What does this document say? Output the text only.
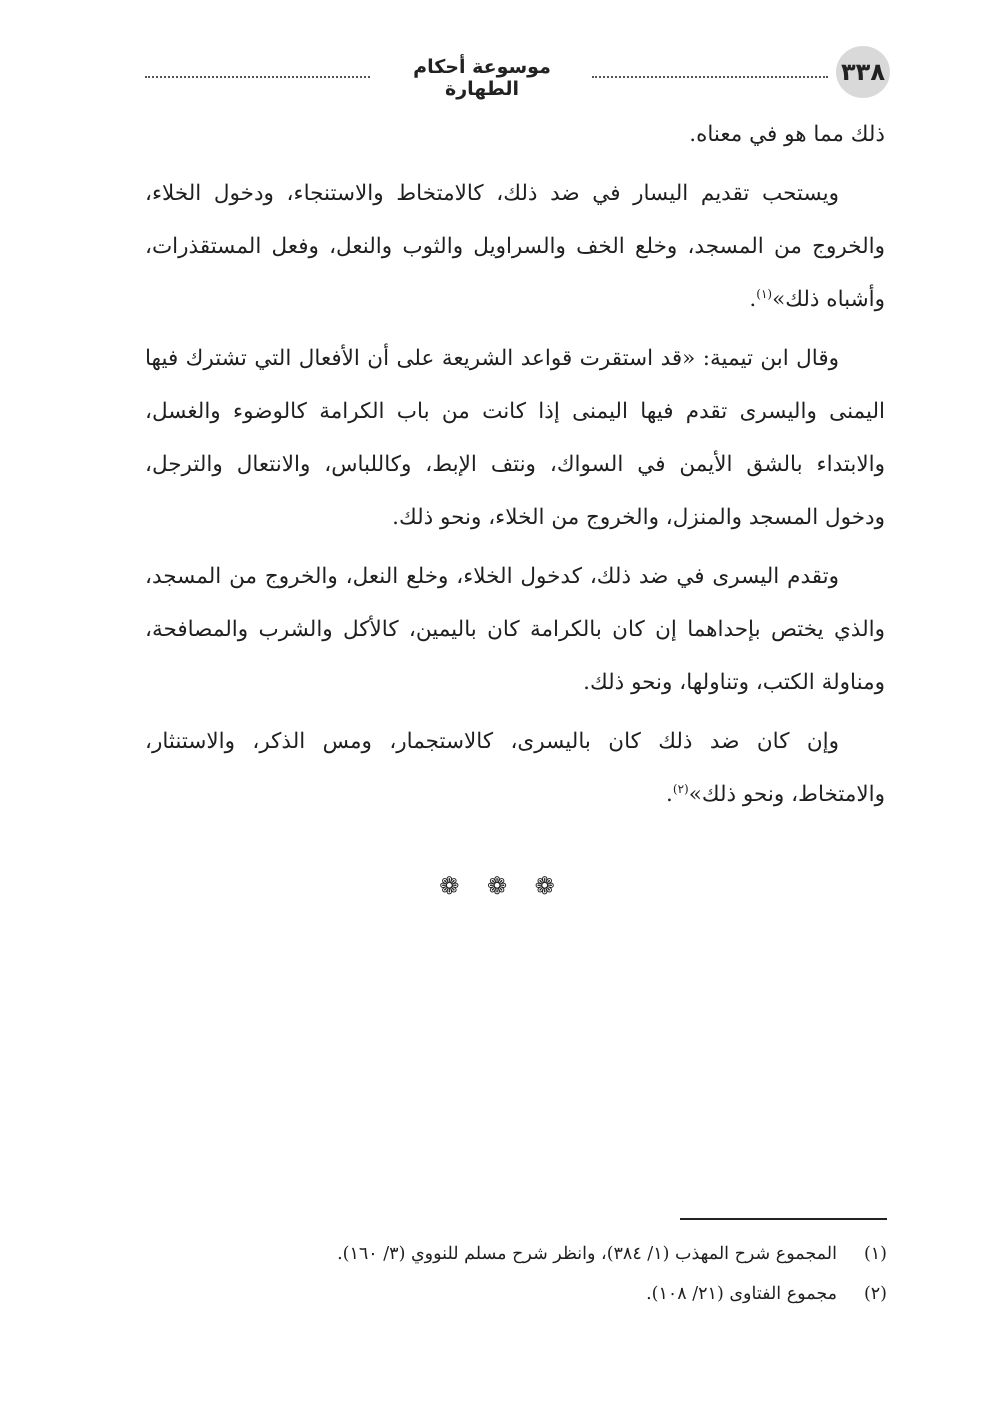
٣٣٨
موسوعة أحكام الطهارة

ذلك مما هو في معناه.

ويستحب تقديم اليسار في ضد ذلك، كالامتخاط والاستنجاء، ودخول الخلاء، والخروج من المسجد، وخلع الخف والسراويل والثوب والنعل، وفعل المستقذرات، وأشباه ذلك»$^{(١)}$.

وقال ابن تيمية: «قد استقرت قواعد الشريعة على أن الأفعال التي تشترك فيها اليمنى واليسرى تقدم فيها اليمنى إذا كانت من باب الكرامة كالوضوء والغسل، والابتداء بالشق الأيمن في السواك، ونتف الإبط، وكاللباس، والانتعال والترجل، ودخول المسجد والمنزل، والخروج من الخلاء، ونحو ذلك.

وتقدم اليسرى في ضد ذلك، كدخول الخلاء، وخلع النعل، والخروج من المسجد، والذي يختص بإحداهما إن كان بالكرامة كان باليمين، كالأكل والشرب والمصافحة، ومناولة الكتب، وتناولها، ونحو ذلك.

وإن كان ضد ذلك كان باليسرى، كالاستجمار، ومس الذكر، والاستنثار، والامتخاط، ونحو ذلك»$^{(٢)}$.

❁ ❁ ❁
(١)المجموع شرح المهذب (١/ ٣٨٤)، وانظر شرح مسلم للنووي (٣/ ١٦٠).
(٢)مجموع الفتاوى (٢١/ ١٠٨).
